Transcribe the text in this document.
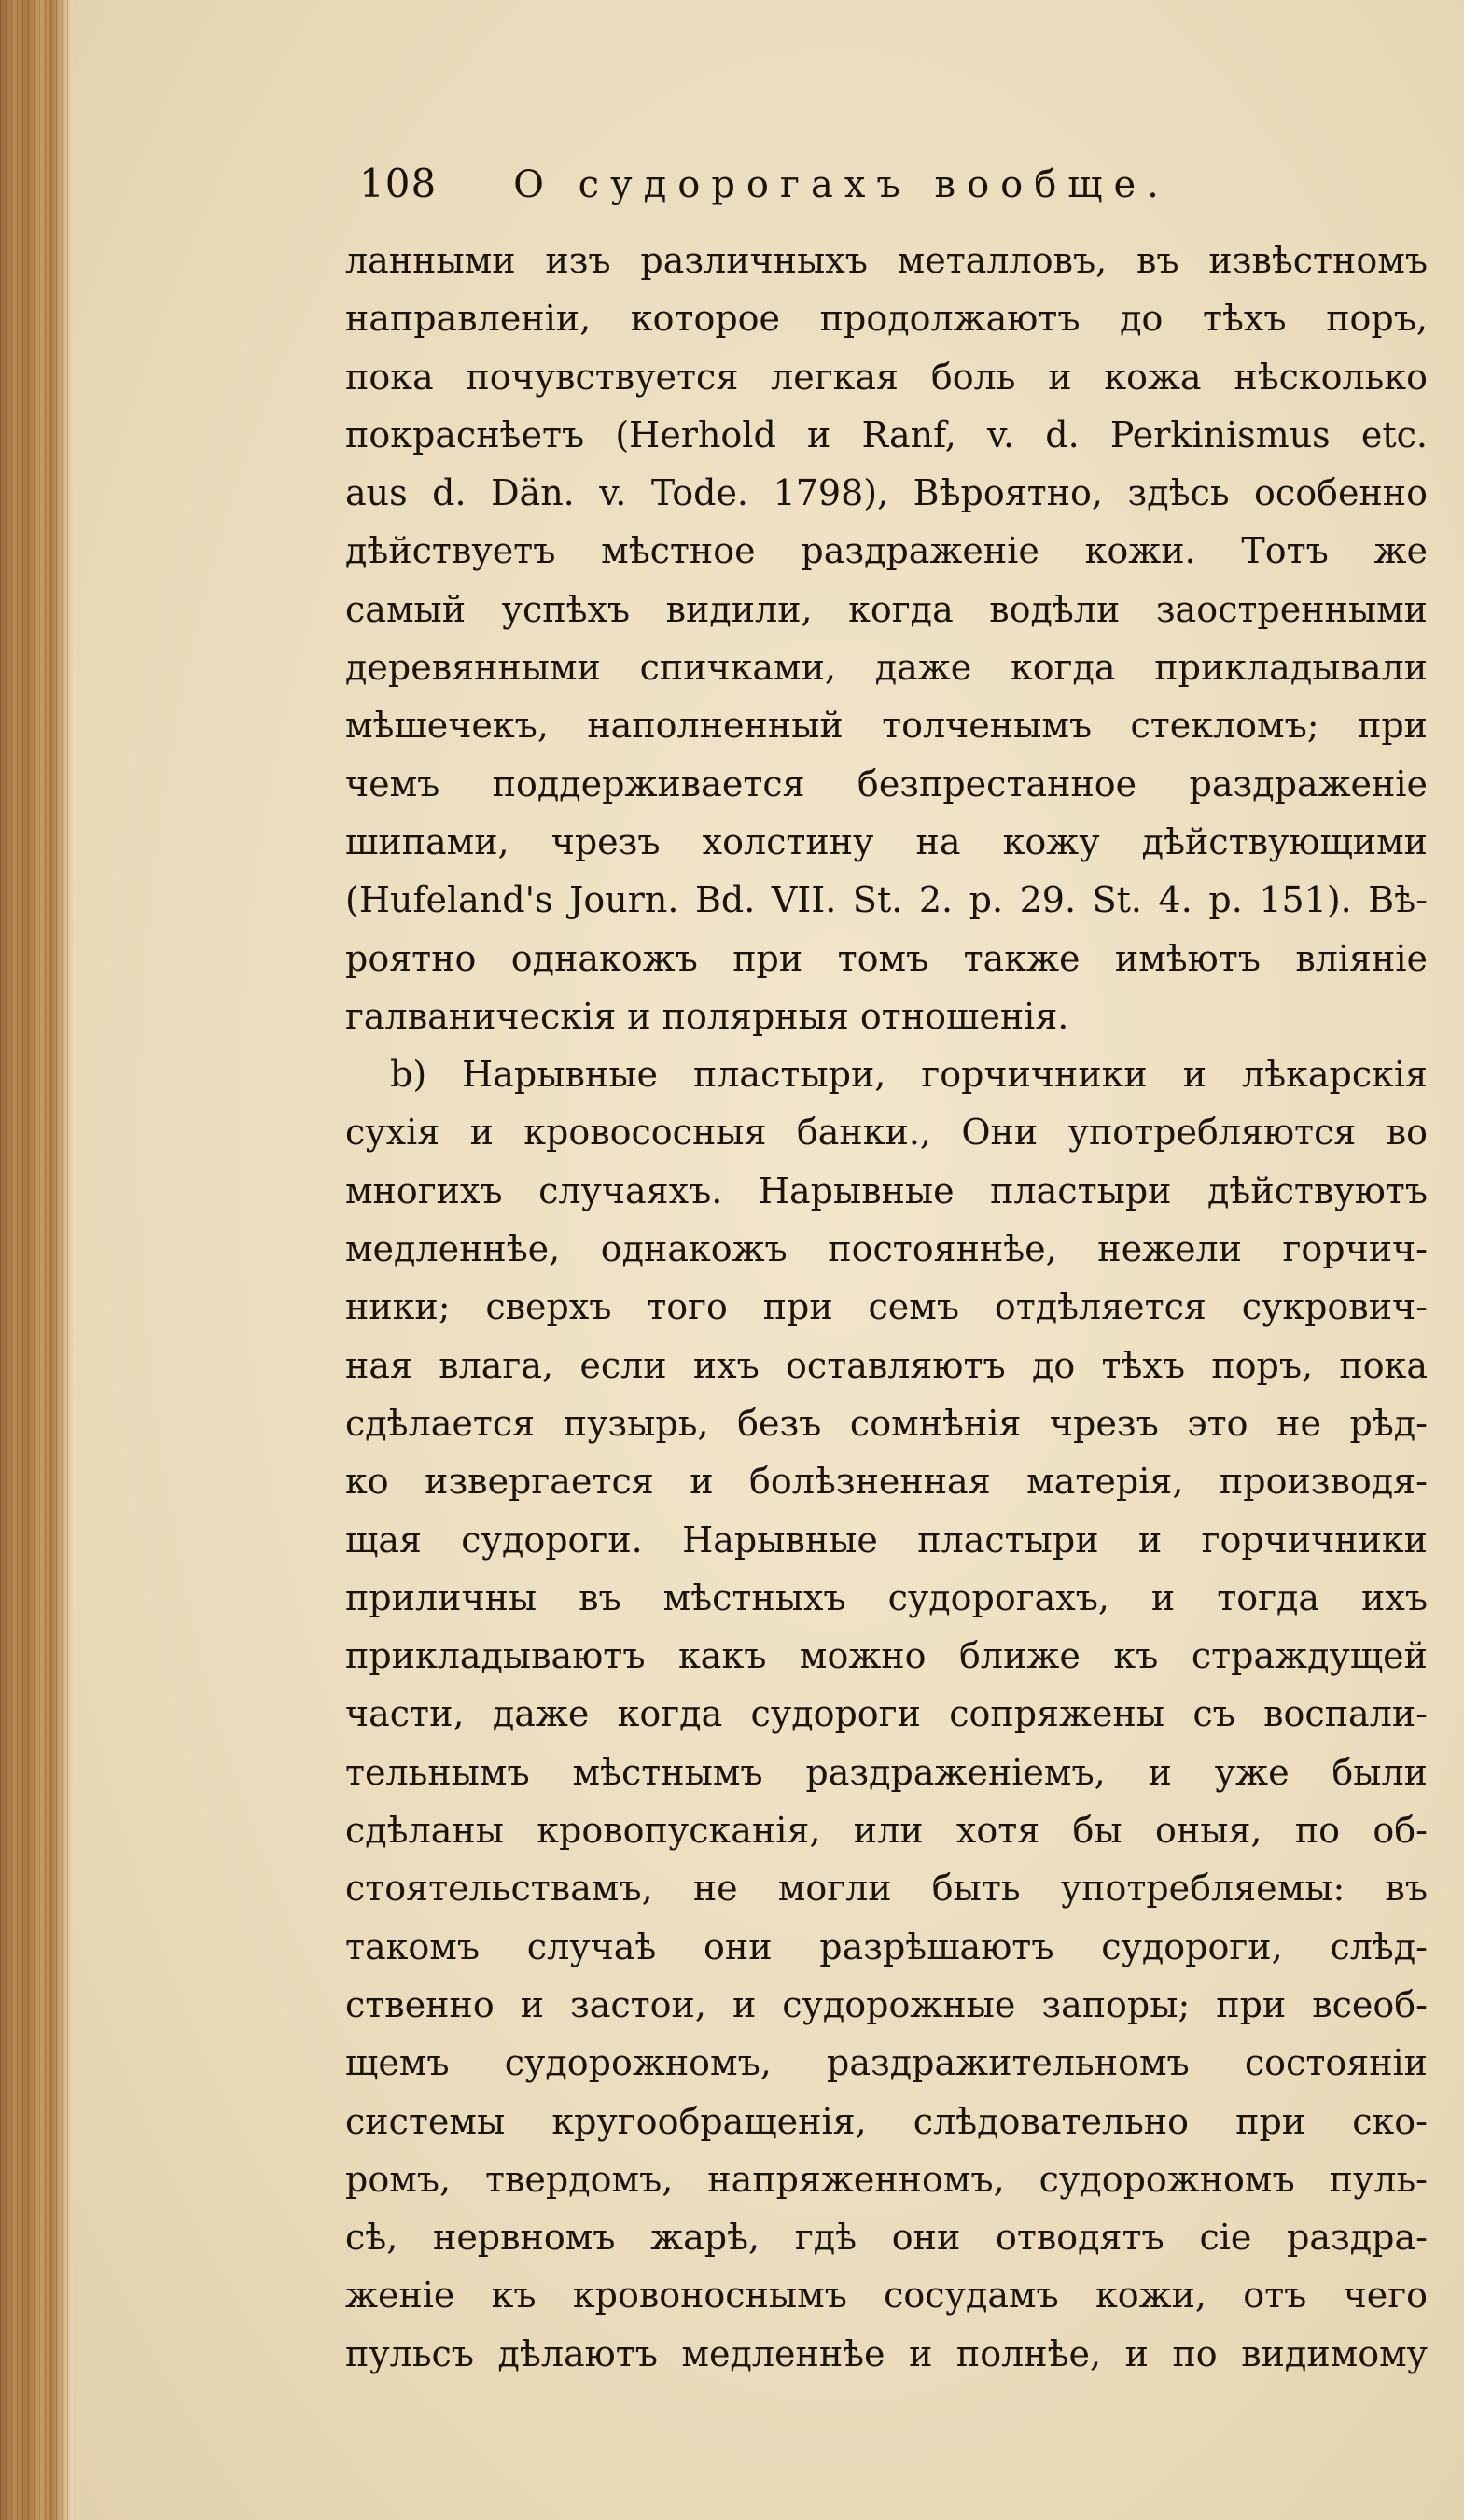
108 О судорогахъ вообще.
ланными изъ различныхъ металловъ, въ извѣстномъ
направленіи, которое продолжаютъ до тѣхъ поръ,
пока почувствуется легкая боль и кожа нѣсколько
покраснѣетъ (Herhold и Ranf, v. d. Perkinismus etc.
aus d. Dän. v. Tode. 1798), Вѣроятно, здѣсь особенно
дѣйствуетъ мѣстное раздраженіе кожи. Тотъ же
самый успѣхъ видили, когда водѣли заостренными
деревянными спичками, даже когда прикладывали
мѣшечекъ, наполненный толченымъ стекломъ; при
чемъ поддерживается безпрестанное раздраженіе
шипами, чрезъ холстину на кожу дѣйствующими
(Hufeland's Journ. Bd. VII. St. 2. p. 29. St. 4. p. 151). Вѣ-
роятно однакожъ при томъ также имѣютъ вліяніе
галваническія и полярныя отношенія.
b) Нарывные пластыри, горчичники и лѣкарскія
сухія и кровососныя банки., Они употребляются во
многихъ случаяхъ. Нарывные пластыри дѣйствуютъ
медленнѣе, однакожъ постояннѣе, нежели горчич-
ники; сверхъ того при семъ отдѣляется сукрович-
ная влага, если ихъ оставляютъ до тѣхъ поръ, пока
сдѣлается пузырь, безъ сомнѣнія чрезъ это не рѣд-
ко извергается и болѣзненная матерія, производя-
щая судороги. Нарывные пластыри и горчичники
приличны въ мѣстныхъ судорогахъ, и тогда ихъ
прикладываютъ какъ можно ближе къ страждущей
части, даже когда судороги сопряжены съ воспали-
тельнымъ мѣстнымъ раздраженіемъ, и уже были
сдѣланы кровопусканія, или хотя бы оныя, по об-
стоятельствамъ, не могли быть употребляемы: въ
такомъ случаѣ они разрѣшаютъ судороги, слѣд-
ственно и застои, и судорожные запоры; при всеоб-
щемъ судорожномъ, раздражительномъ состояніи
системы кругообращенія, слѣдовательно при ско-
ромъ, твердомъ, напряженномъ, судорожномъ пуль-
сѣ, нервномъ жарѣ, гдѣ они отводятъ сіе раздра-
женіе къ кровоноснымъ сосудамъ кожи, отъ чего
пульсъ дѣлаютъ медленнѣе и полнѣе, и по видимому
